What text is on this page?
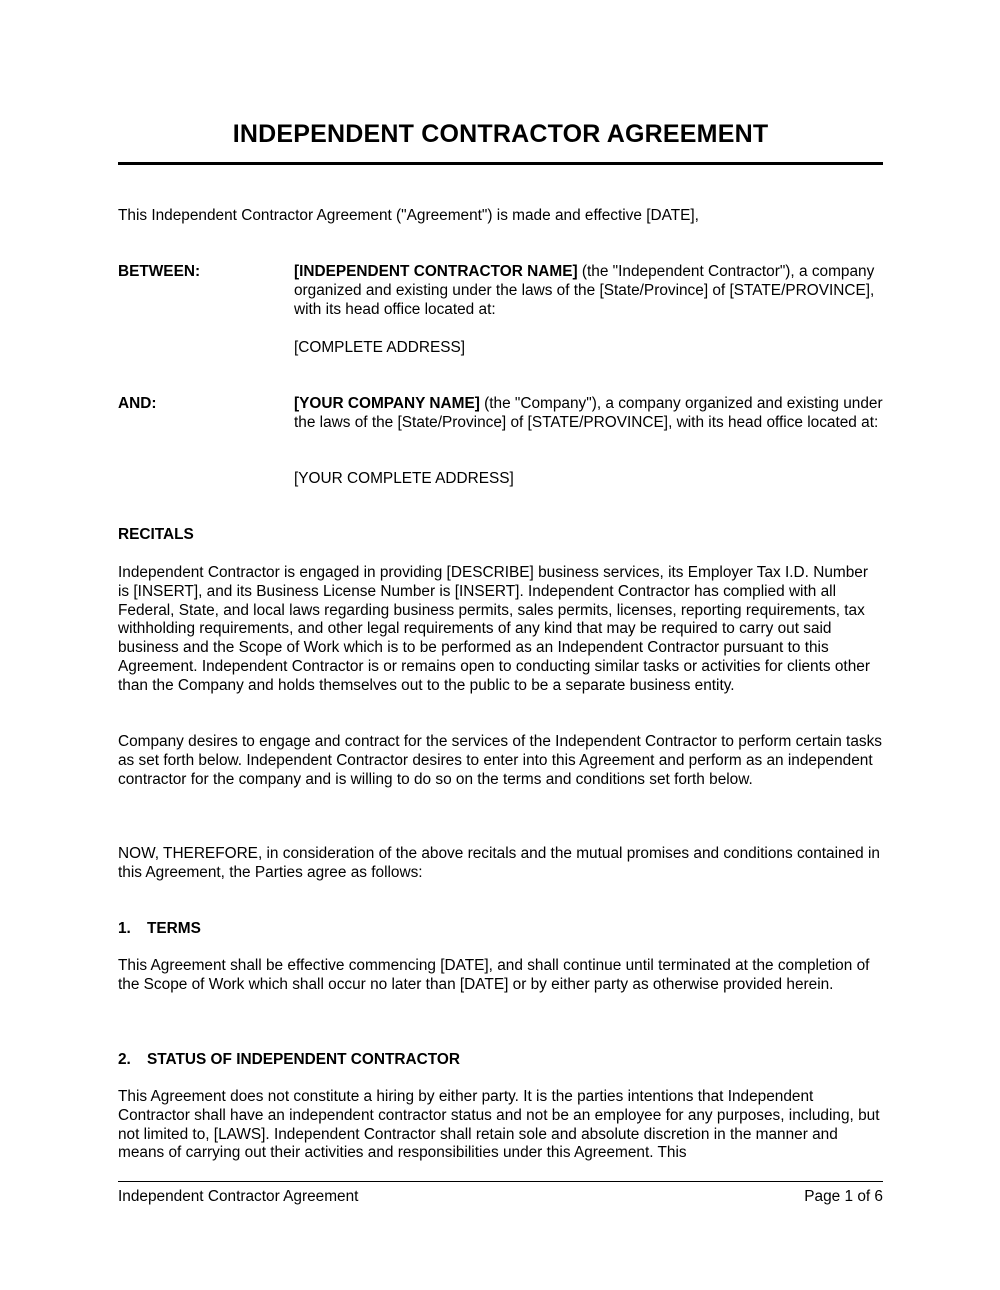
INDEPENDENT CONTRACTOR AGREEMENT

This Independent Contractor Agreement ("Agreement") is made and effective [DATE],

BETWEEN:	[INDEPENDENT CONTRACTOR NAME] (the "Independent Contractor"), a company organized and existing under the laws of the [State/Province] of [STATE/PROVINCE], with its head office located at:

[COMPLETE ADDRESS]

AND:	[YOUR COMPANY NAME] (the "Company"), a company organized and existing under the laws of the [State/Province] of [STATE/PROVINCE], with its head office located at:

[YOUR COMPLETE ADDRESS]

RECITALS

Independent Contractor is engaged in providing [DESCRIBE] business services, its Employer Tax I.D. Number is [INSERT], and its Business License Number is [INSERT]. Independent Contractor has complied with all Federal, State, and local laws regarding business permits, sales permits, licenses, reporting requirements, tax withholding requirements, and other legal requirements of any kind that may be required to carry out said business and the Scope of Work which is to be performed as an Independent Contractor pursuant to this Agreement. Independent Contractor is or remains open to conducting similar tasks or activities for clients other than the Company and holds themselves out to the public to be a separate business entity.

Company desires to engage and contract for the services of the Independent Contractor to perform certain tasks as set forth below. Independent Contractor desires to enter into this Agreement and perform as an independent contractor for the company and is willing to do so on the terms and conditions set forth below.

NOW, THEREFORE, in consideration of the above recitals and the mutual promises and conditions contained in this Agreement, the Parties agree as follows:

1. TERMS

This Agreement shall be effective commencing [DATE], and shall continue until terminated at the completion of the Scope of Work which shall occur no later than [DATE] or by either party as otherwise provided herein.

2. STATUS OF INDEPENDENT CONTRACTOR

This Agreement does not constitute a hiring by either party. It is the parties intentions that Independent Contractor shall have an independent contractor status and not be an employee for any purposes, including, but not limited to, [LAWS]. Independent Contractor shall retain sole and absolute discretion in the manner and means of carrying out their activities and responsibilities under this Agreement. This

Independent Contractor Agreement	Page 1 of 6
